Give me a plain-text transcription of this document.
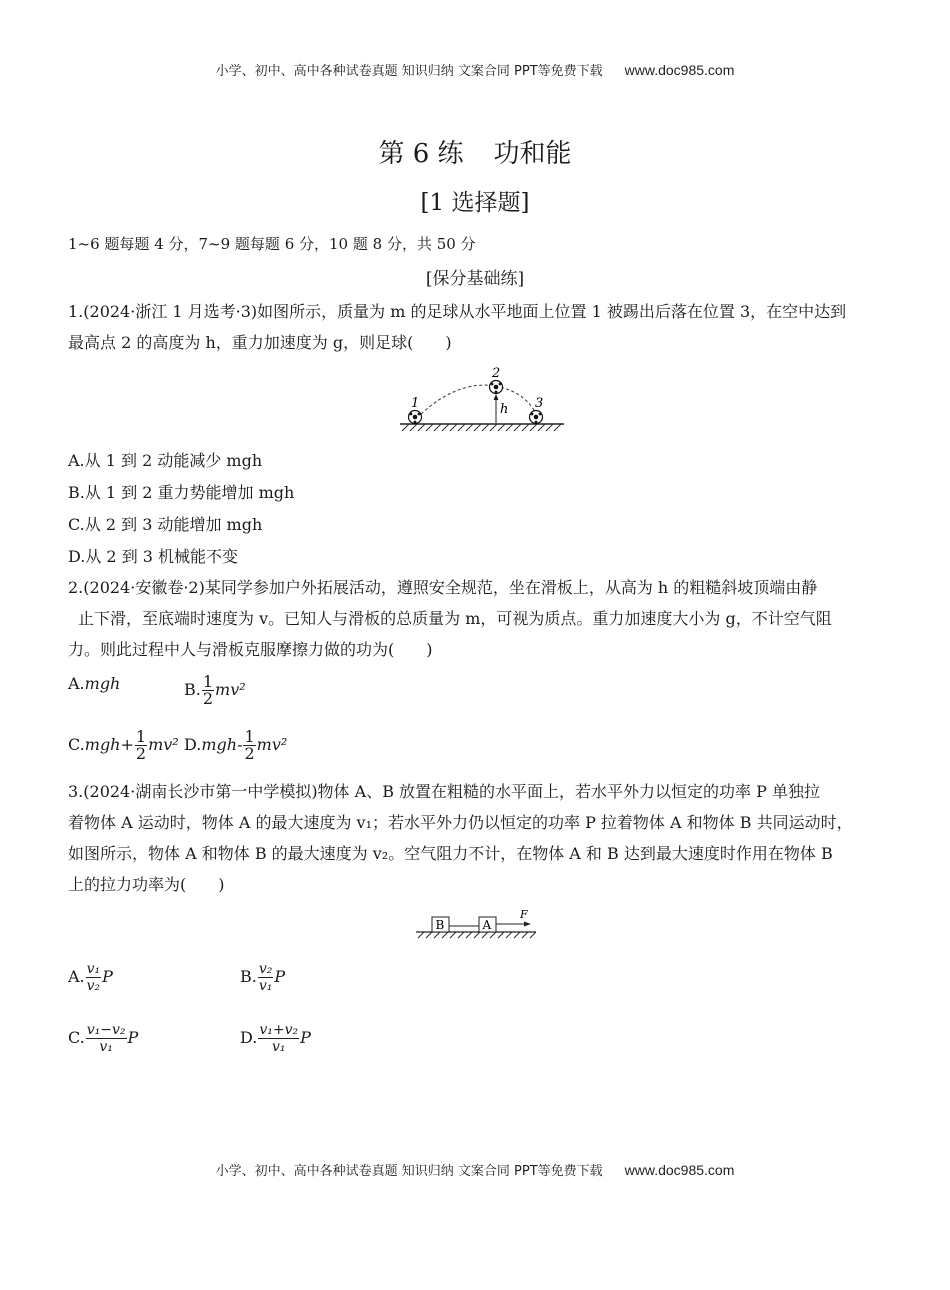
小学、初中、高中各种试卷真题 知识归纳 文案合同 PPT等免费下载 www.doc985.com
第 6 练 功和能
[1 选择题]
1~6 题每题 4 分，7~9 题每题 6 分，10 题 8 分，共 50 分
[保分基础练]

1.(2024·浙江 1 月选考·3)如图所示，质量为 m 的足球从水平地面上位置 1 被踢出后落在位置 3，在空中达到

最高点 2 的高度为 h，重力加速度为 g，则足球(　　)

1
2
3
h
A.从 1 到 2 动能减少 mgh
B.从 1 到 2 重力势能增加 mgh
C.从 2 到 3 动能增加 mgh
D.从 2 到 3 机械能不变

2.(2024·安徽卷·2)某同学参加户外拓展活动，遵照安全规范，坐在滑板上，从高为 h 的粗糙斜坡顶端由静

止下滑，至底端时速度为 v。已知人与滑板的总质量为 m，可视为质点。重力加速度大小为 g，不计空气阻

力。则此过程中人与滑板克服摩擦力做的功为(　　)

A.mgh	B. $\frac{1}{2} mv^2$
$C.mgh+ \frac{1}{2} mv^2$ $D.mgh- \frac{1}{2} mv^2$

3.(2024·湖南长沙市第一中学模拟)物体 A、B 放置在粗糙的水平面上，若水平外力以恒定的功率 P 单独拉

着物体 A 运动时，物体 A 的最大速度为 v₁；若水平外力仍以恒定的功率 P 拉着物体 A 和物体 B 共同运动时，

如图所示，物体 A 和物体 B 的最大速度为 v₂。空气阻力不计，在物体 A 和 B 达到最大速度时作用在物体 B

上的拉力功率为(　　)

B	A
F
A. $\frac{\text{v₁}}{\text{v₂}}$ P	B. $\frac{\text{v₂}}{\text{v₁}}$ P
C. $\frac{\text{v₁−v₂}}{\text{v₁}}$ P	D. $\frac{\text{v₁+v₂}}{\text{v₁}}$ P
小学、初中、高中各种试卷真题 知识归纳 文案合同 PPT等免费下载 www.doc985.com
